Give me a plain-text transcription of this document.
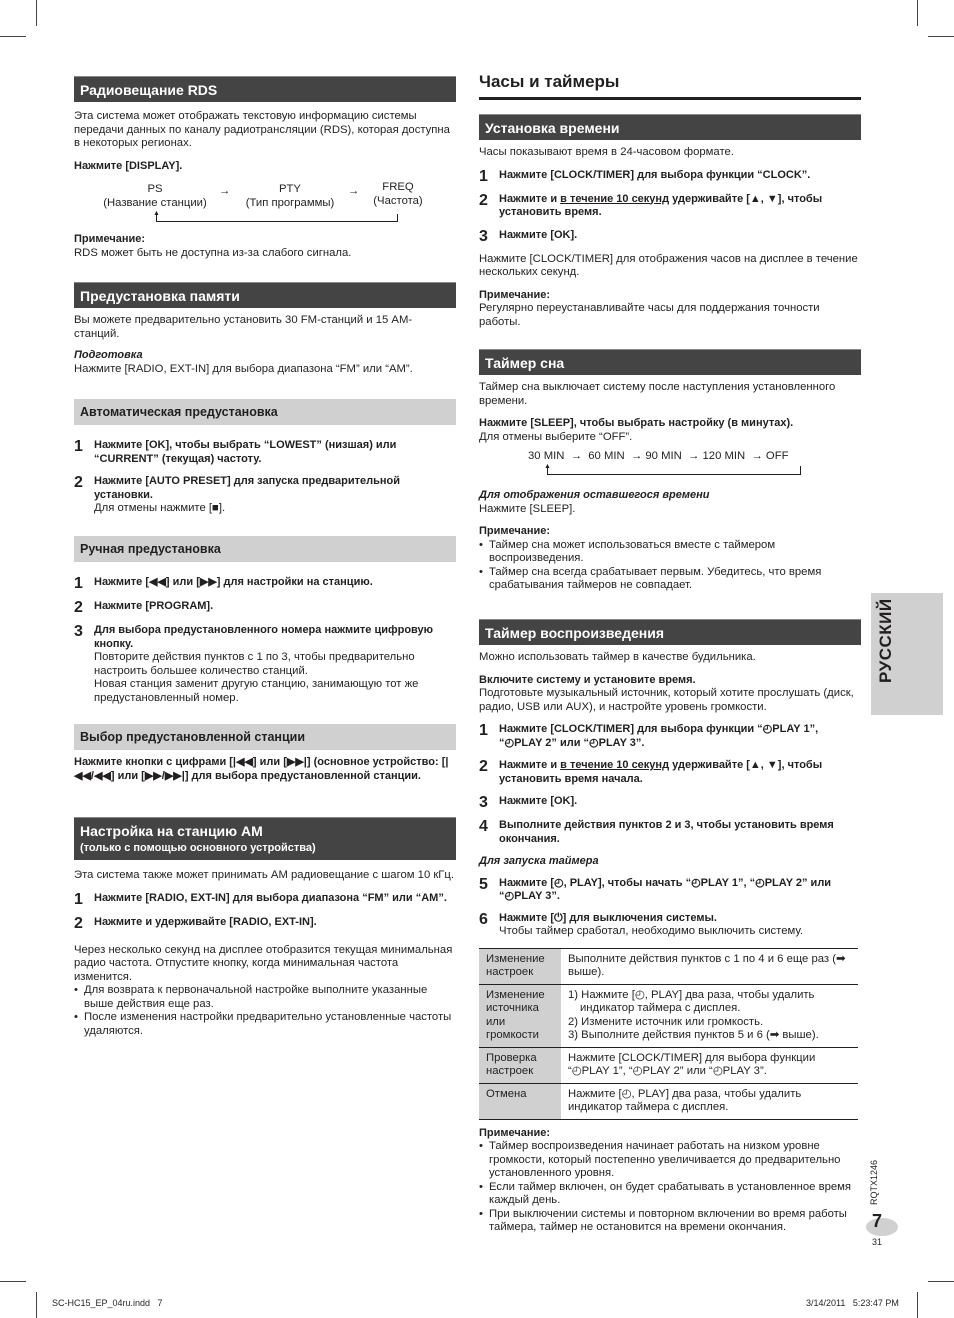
Радиовещание RDS

Эта система может отображать текстовую информацию системы передачи данных по каналу радиотрансляции (RDS), которая доступна в некоторых регионах.

Нажмите [DISPLAY].

PS
(Название станции)
→	PTY
(Тип программы)
→	FREQ
(Частота)
▲

Примечание:

RDS может быть не доступна из-за слабого сигнала.

Предустановка памяти

Вы можете предварительно установить 30 FM-станций и 15 AM-станций.

Подготовка

Нажмите [RADIO, EXT-IN] для выбора диапазона “FM” или “AM”.

Автоматическая предустановка
1	Нажмите [OK], чтобы выбрать “LOWEST” (низшая) или “CURRENT” (текущая) частоту.
2	Нажмите [AUTO PRESET] для запуска предварительной установки.
Для отмены нажмите [■].
Ручная предустановка
1	Нажмите [◀◀] или [▶▶] для настройки на станцию.
2	Нажмите [PROGRAM].
3	Для выбора предустановленного номера нажмите цифровую кнопку.
Повторите действия пунктов с 1 по 3, чтобы предварительно настроить большее количество станций.
Новая станция заменит другую станцию, занимающую тот же предустановленный номер.
Выбор предустановленной станции

Нажмите кнопки с цифрами [|◀◀] или [▶▶|] (основное устройство: [|◀◀/◀◀] или [▶▶/▶▶|] для выбора предустановленной станции.

Настройка на станцию AM
(только с помощью основного устройства)

Эта система также может принимать AM радиовещание с шагом 10 кГц.

1	Нажмите [RADIO, EXT-IN] для выбора диапазона “FM” или “AM”.
2	Нажмите и удерживайте [RADIO, EXT-IN].

Через несколько секунд на дисплее отобразится текущая минимальная радио частота. Отпустите кнопку, когда минимальная частота изменится.

• Для возврата к первоначальной настройке выполните указанные выше действия еще раз.
• После изменения настройки предварительно установленные частоты удаляются.
Часы и таймеры
Установка времени

Часы показывают время в 24-часовом формате.

1	Нажмите [CLOCK/TIMER] для выбора функции “CLOCK”.
2	Нажмите и в течение 10 секунд удерживайте [▲, ▼], чтобы установить время.
3	Нажмите [OK].

Нажмите [CLOCK/TIMER] для отображения часов на дисплее в течение нескольких секунд.

Примечание:

Регулярно переустанавливайте часы для поддержания точности работы.

Таймер сна

Таймер сна выключает систему после наступления установленного времени.

Нажмите [SLEEP], чтобы выбрать настройку (в минутах).

Для отмены выберите “OFF”.

30 MIN  →  60 MIN  → 90 MIN  → 120 MIN  → OFF
▲

Для отображения оставшегося времени

Нажмите [SLEEP].

Примечание:

• Таймер сна может использоваться вместе с таймером воспроизведения.
• Таймер сна всегда срабатывает первым. Убедитесь, что время срабатывания таймеров не совпадает.
Таймер воспроизведения

Можно использовать таймер в качестве будильника.

Включите систему и установите время.

Подготовьте музыкальный источник, который хотите прослушать (диск, радио, USB или AUX), и настройте уровень громкости.

1	Нажмите [CLOCK/TIMER] для выбора функции “◴PLAY 1”, “◴PLAY 2” или “◴PLAY 3”.
2	Нажмите и в течение 10 секунд удерживайте [▲, ▼], чтобы установить время начала.
3	Нажмите [OK].
4	Выполните действия пунктов 2 и 3, чтобы установить время окончания.

Для запуска таймера

5	Нажмите [◴, PLAY], чтобы начать “◴PLAY 1”, “◴PLAY 2” или “◴PLAY 3”.
6	Нажмите [⏻] для выключения системы.
Чтобы таймер сработал, необходимо выключить систему.
Изменение настроек	Выполните действия пунктов с 1 по 4 и 6 еще раз (➡ выше).
Изменение источника или громкости	1) Нажмите [◴, PLAY] два раза, чтобы удалить индикатор таймера с дисплея.
2) Измените источник или громкость.
3) Выполните действия пунктов 5 и 6 (➡ выше).

Проверка настроек	Нажмите [CLOCK/TIMER] для выбора функции “◴PLAY 1”, “◴PLAY 2” или “◴PLAY 3”.
Отмена	Нажмите [◴, PLAY] два раза, чтобы удалить индикатор таймера с дисплея.

Примечание:

• Таймер воспроизведения начинает работать на низком уровне громкости, который постепенно увеличивается до предварительно установленного уровня.
• Если таймер включен, он будет срабатывать в установленное время каждый день.
• При выключении системы и повторном включении во время работы таймера, таймер не остановится на времени окончания.
РУССКИЙ
RQTX1246
7
31
SC-HC15_EP_04ru.indd   7	3/14/2011   5:23:47 PM
